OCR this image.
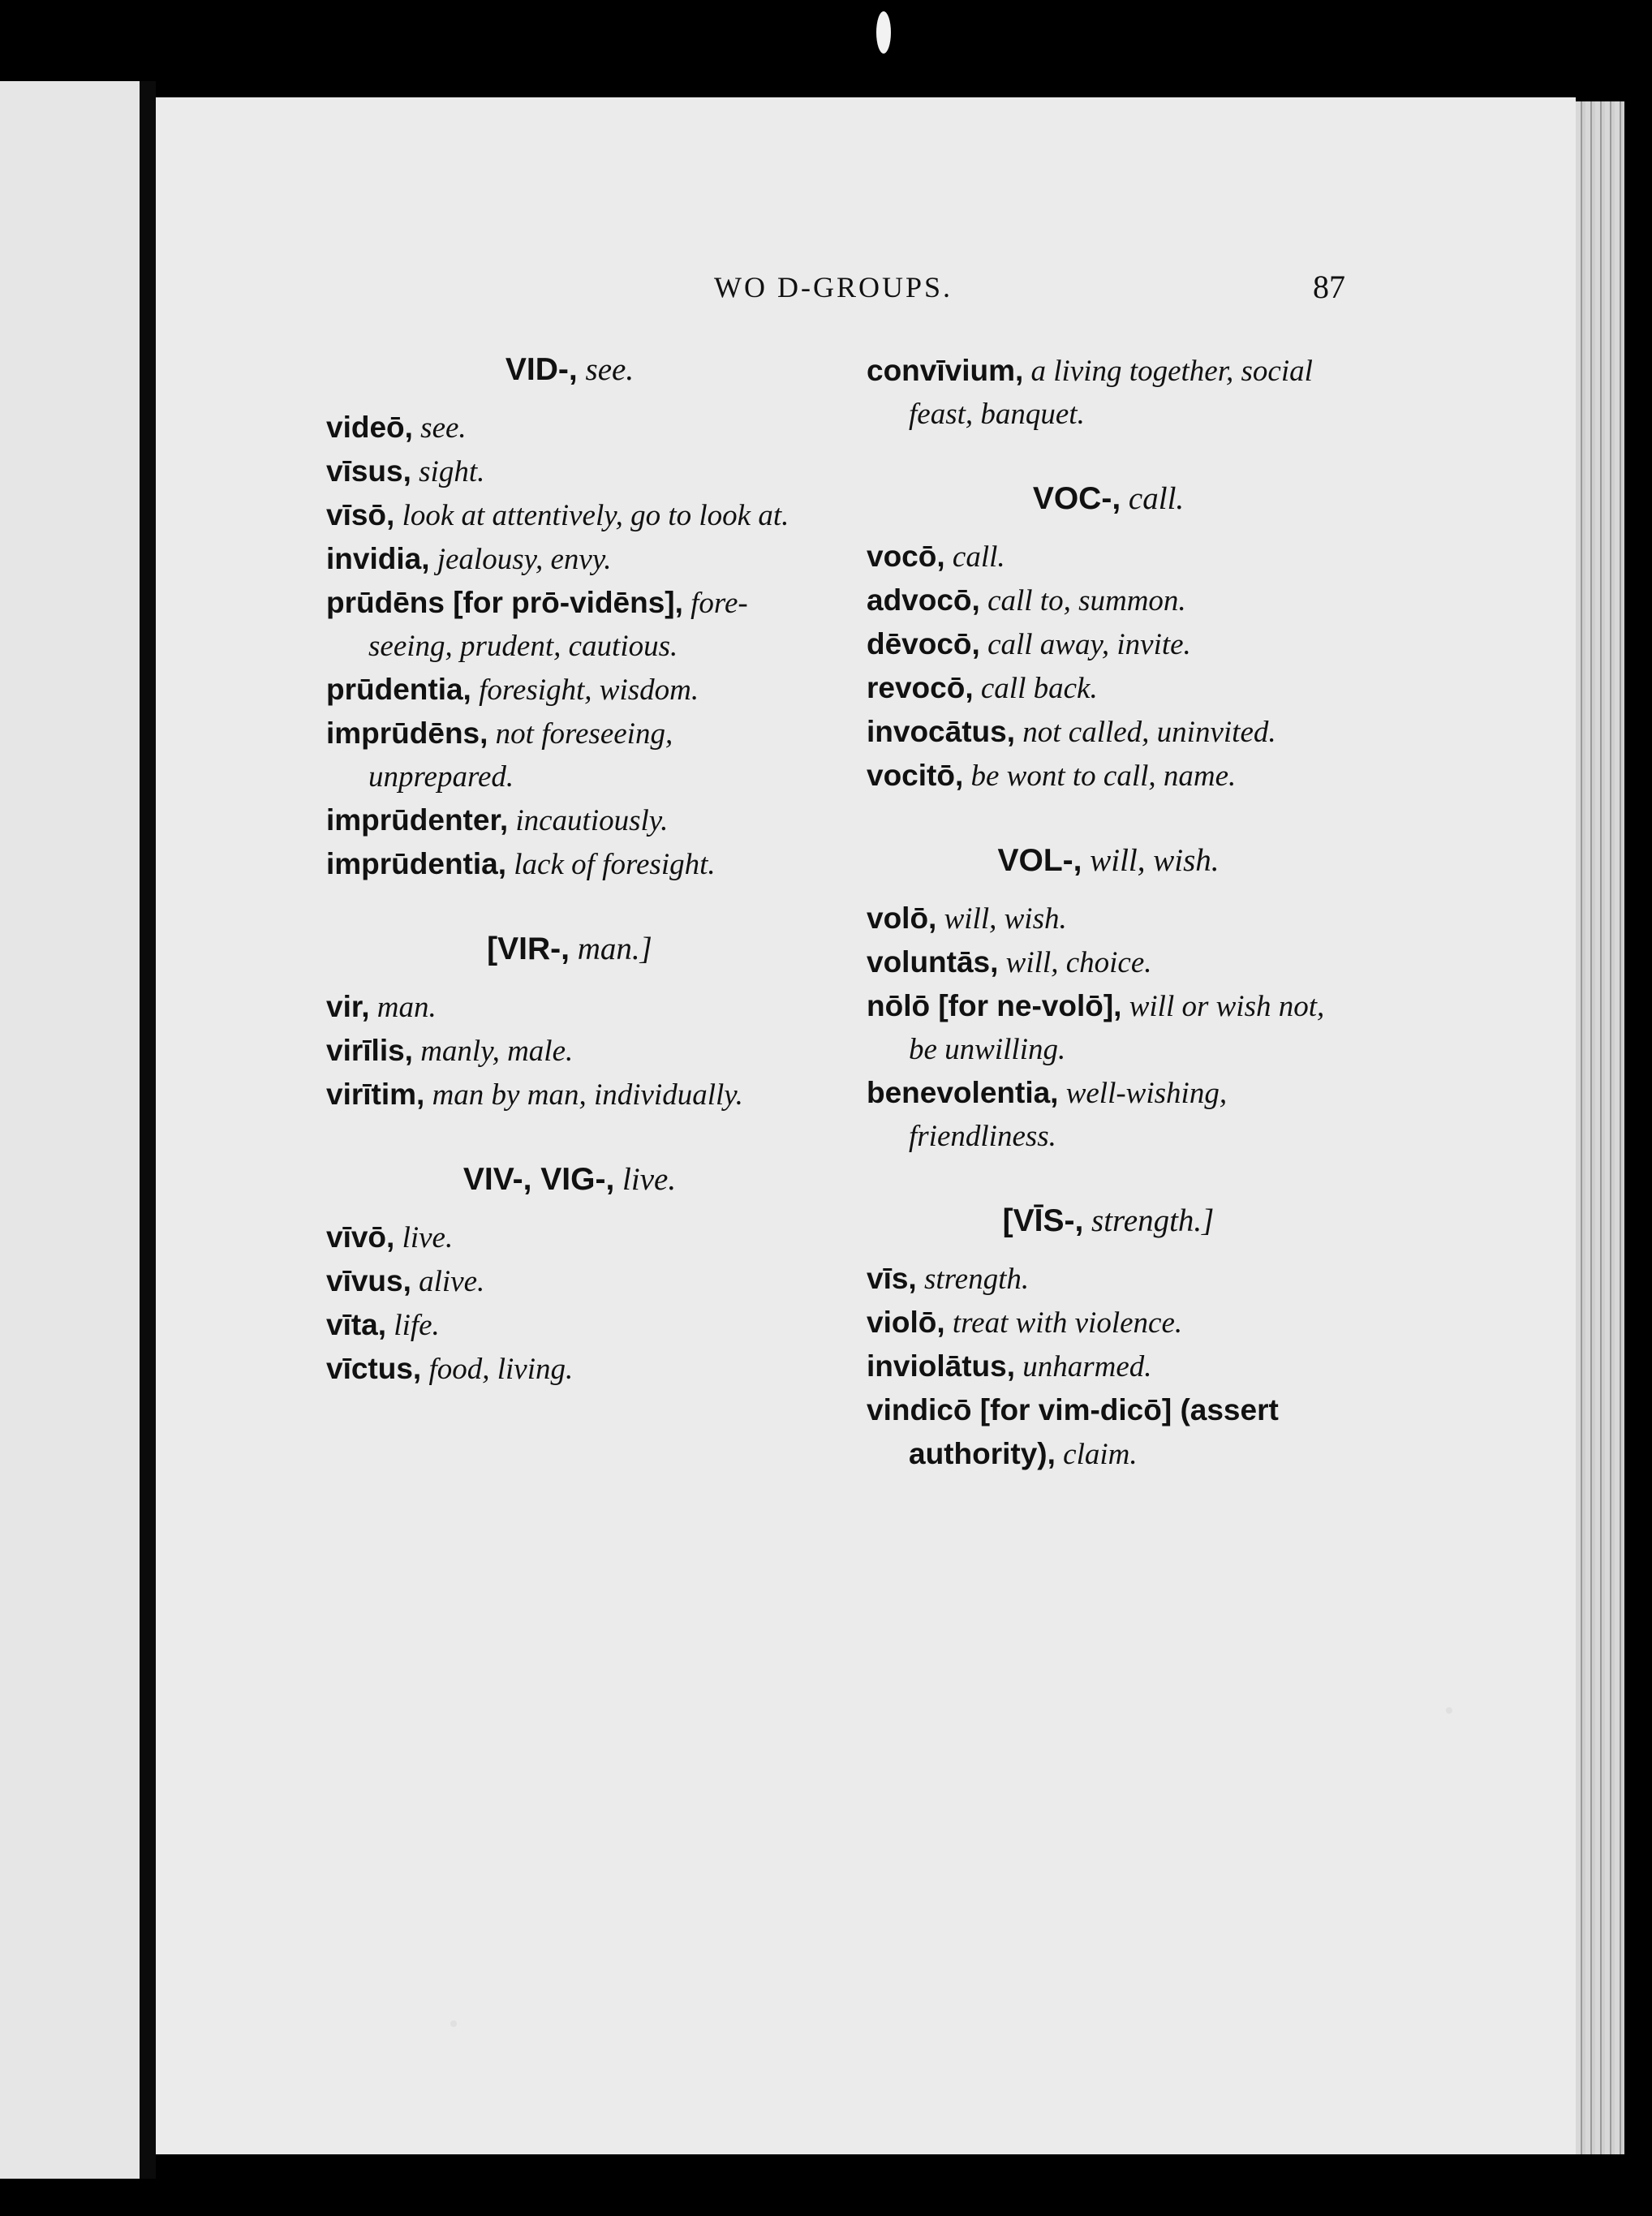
WO D-GROUPS.	87
VID-, see.

videō, see.

vīsus, sight.

vīsō, look at attentively, go to look at.

invidia, jealousy, envy.

prūdēns [for prō-vidēns], fore-seeing, prudent, cautious.

prūdentia, foresight, wisdom.

imprūdēns, not foreseeing, unprepared.

imprūdenter, incautiously.

imprūdentia, lack of foresight.

[VIR-, man.]

vir, man.

virīlis, manly, male.

virītim, man by man, individually.

VIV-, VIG-, live.

vīvō, live.

vīvus, alive.

vīta, life.

vīctus, food, living.

convīvium, a living together, social feast, banquet.

VOC-, call.

vocō, call.

advocō, call to, summon.

dēvocō, call away, invite.

revocō, call back.

invocātus, not called, uninvited.

vocitō, be wont to call, name.

VOL-, will, wish.

volō, will, wish.

voluntās, will, choice.

nōlō [for ne-volō], will or wish not, be unwilling.

benevolentia, well-wishing, friendliness.

[VĪS-, strength.]

vīs, strength.

violō, treat with violence.

inviolātus, unharmed.

vindicō [for vim-dicō] (assert authority), claim.
